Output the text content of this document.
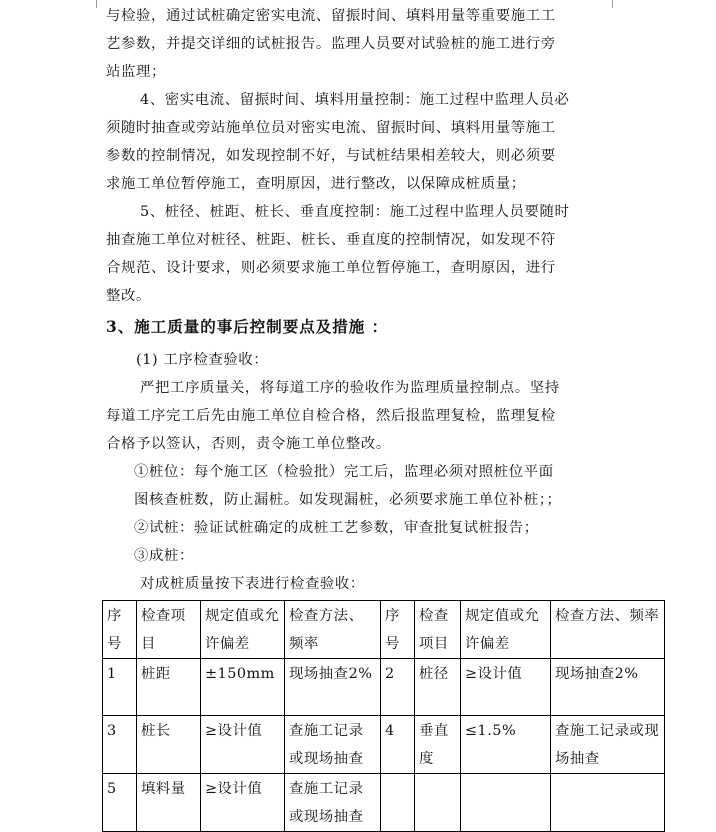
与检验，通过试桩确定密实电流、留振时间、填料用量等重要施工工
艺参数，并提交详细的试桩报告。监理人员要对试验桩的施工进行旁
站监理；
4、密实电流、留振时间、填料用量控制：施工过程中监理人员必
须随时抽查或旁站施单位员对密实电流、留振时间、填料用量等施工
参数的控制情况，如发现控制不好，与试桩结果相差较大，则必须要
求施工单位暂停施工，查明原因，进行整改，以保障成桩质量；
5、桩径、桩距、桩长、垂直度控制：施工过程中监理人员要随时
抽查施工单位对桩径、桩距、桩长、垂直度的控制情况，如发现不符
合规范、设计要求，则必须要求施工单位暂停施工，查明原因，进行
整改。
3、施工质量的事后控制要点及措施 ：
(1) 工序检查验收：
严把工序质量关，将每道工序的验收作为监理质量控制点。坚持
每道工序完工后先由施工单位自检合格，然后报监理复检，监理复检
合格予以签认，否则，责令施工单位整改。
①桩位：每个施工区（检验批）完工后，监理必须对照桩位平面
图核查桩数，防止漏桩。如发现漏桩，必须要求施工单位补桩；；
②试桩：验证试桩确定的成桩工艺参数，审查批复试桩报告；
③成桩：
对成桩质量按下表进行检查验收：
序号	检查项目	规定值或允许偏差	检查方法、频率	序号	检查项目	规定值或允许偏差	检查方法、频率
1	桩距	±150mm	现场抽查2%	2	桩径	≥设计值	现场抽查2%
3	桩长	≥设计值	查施工记录或现场抽查	4	垂直度	≤1.5%	查施工记录或现场抽查
5	填料量	≥设计值	查施工记录或现场抽查				
